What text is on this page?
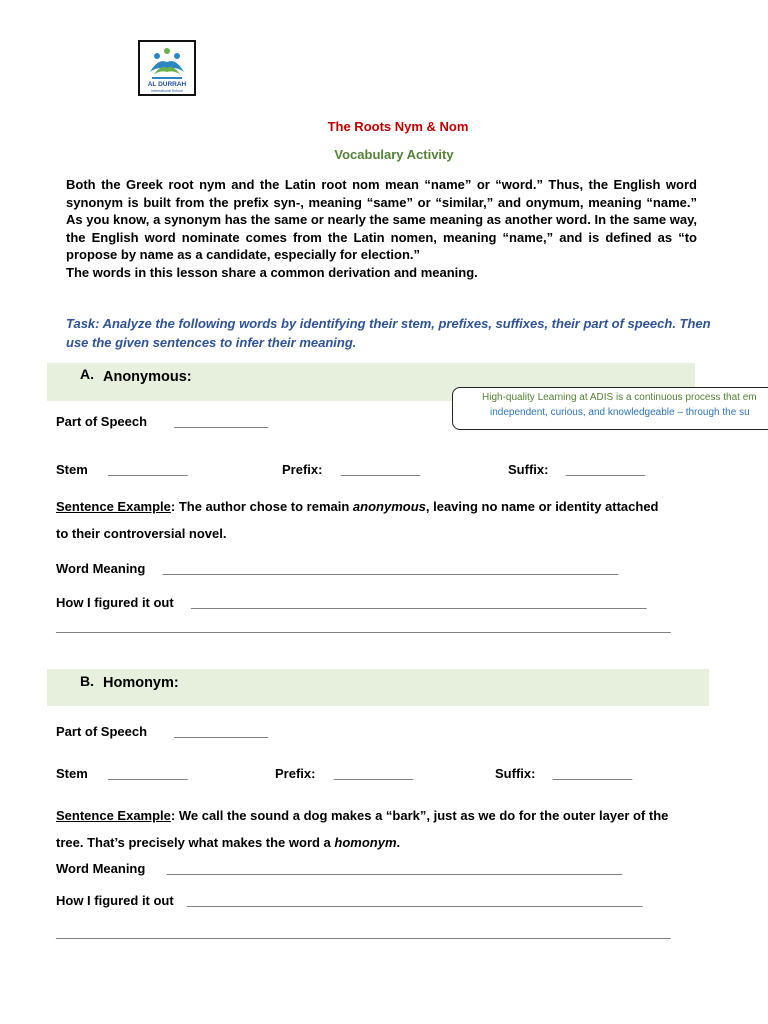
AL DURRAH
International School
The Roots Nym & Nom
Vocabulary Activity

Both the Greek root nym and the Latin root nom mean “name” or “word.” Thus, the English word synonym is built from the prefix syn-, meaning “same” or “similar,” and onymum, meaning “name.” As you know, a synonym has the same or nearly the same meaning as another word. In the same way, the English word nominate comes from the Latin nomen, meaning “name,” and is defined as “to propose by name as a candidate, especially for election.”

The words in this lesson share a common derivation and meaning.

Task: Analyze the following words by identifying their stem, prefixes, suffixes, their part of speech. Then use the given sentences to infer their meaning.
A. Anonymous:
High-quality Learning at ADIS is a continuous process that em
independent, curious, and knowledgeable – through the su
Part of Speech _____________
Stem ___________	Prefix: ___________	Suffix: ___________
Sentence Example: The author chose to remain anonymous, leaving no name or identity attached
to their controversial novel.
Word Meaning _______________________________________________________________
How I figured it out _______________________________________________________________
_____________________________________________________________________________________
B. Homonym:
Part of Speech _____________
Stem ___________	Prefix: ___________	Suffix: ___________
Sentence Example: We call the sound a dog makes a “bark”, just as we do for the outer layer of the
tree. That’s precisely what makes the word a homonym.
Word Meaning _______________________________________________________________
How I figured it out _______________________________________________________________
_____________________________________________________________________________________
